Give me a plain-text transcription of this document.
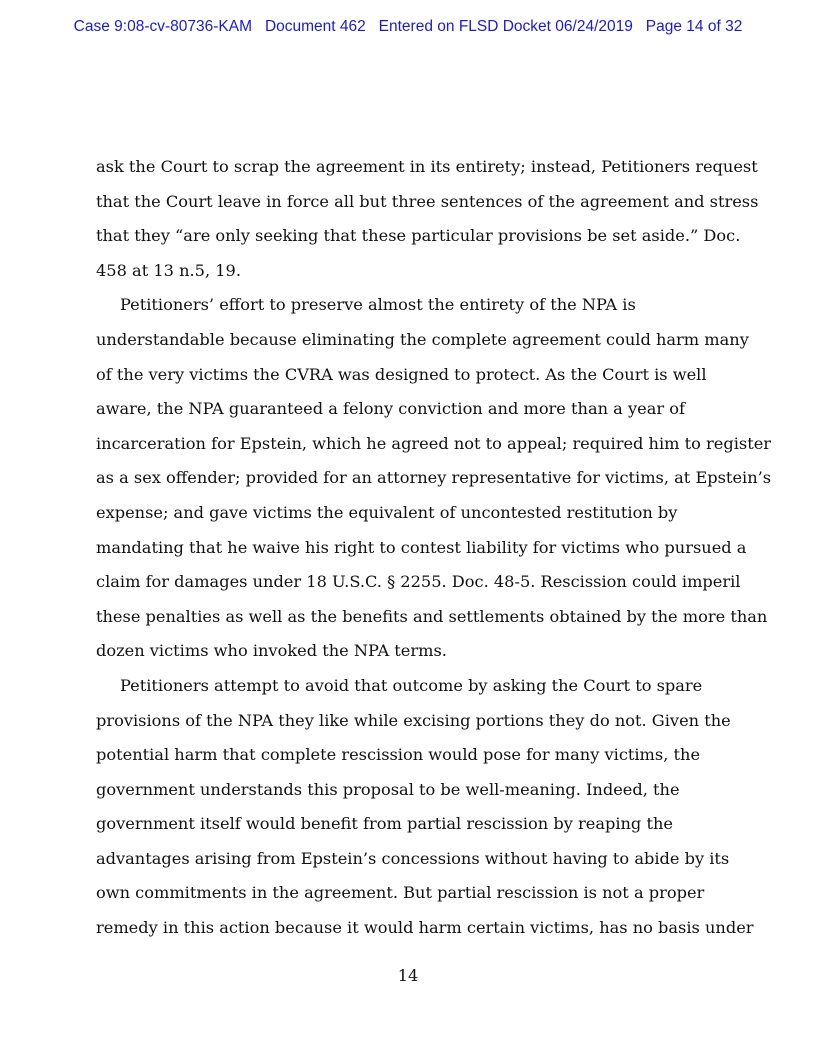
Case 9:08-cv-80736-KAM Document 462 Entered on FLSD Docket 06/24/2019 Page 14 of 32
ask the Court to scrap the agreement in its entirety; instead, Petitioners request
that the Court leave in force all but three sentences of the agreement and stress
that they “are only seeking that these particular provisions be set aside.” Doc.
458 at 13 n.5, 19.
Petitioners’ effort to preserve almost the entirety of the NPA is
understandable because eliminating the complete agreement could harm many
of the very victims the CVRA was designed to protect. As the Court is well
aware, the NPA guaranteed a felony conviction and more than a year of
incarceration for Epstein, which he agreed not to appeal; required him to register
as a sex offender; provided for an attorney representative for victims, at Epstein’s
expense; and gave victims the equivalent of uncontested restitution by
mandating that he waive his right to contest liability for victims who pursued a
claim for damages under 18 U.S.C. § 2255. Doc. 48-5. Rescission could imperil
these penalties as well as the benefits and settlements obtained by the more than
dozen victims who invoked the NPA terms.
Petitioners attempt to avoid that outcome by asking the Court to spare
provisions of the NPA they like while excising portions they do not. Given the
potential harm that complete rescission would pose for many victims, the
government understands this proposal to be well-meaning. Indeed, the
government itself would benefit from partial rescission by reaping the
advantages arising from Epstein’s concessions without having to abide by its
own commitments in the agreement. But partial rescission is not a proper
remedy in this action because it would harm certain victims, has no basis under
14
